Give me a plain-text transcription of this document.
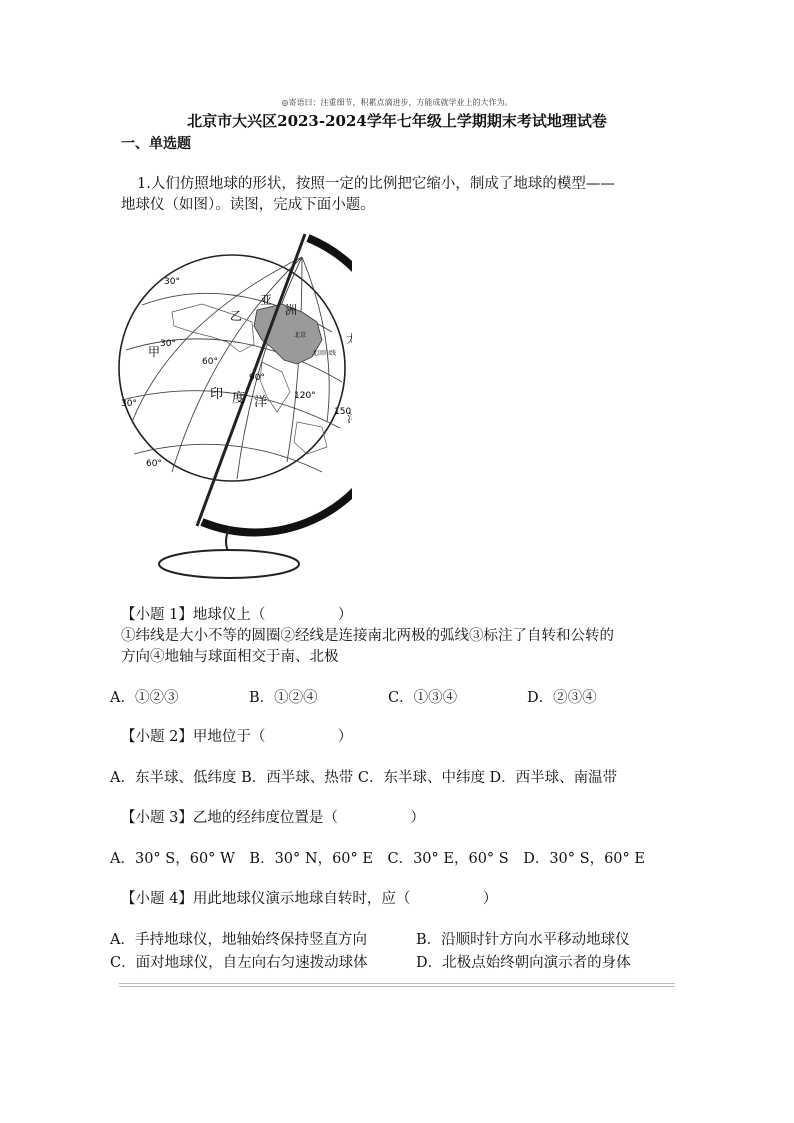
◎寄语曰：注重细节，积累点滴进步，方能成就学业上的大作为。
北京市大兴区2023-2024学年七年级上学期期末考试地理试卷
一、单选题
1.人们仿照地球的形状，按照一定的比例把它缩小，制成了地球的模型——
地球仪（如图）。读图，完成下面小题。
30°
30°
30°
60°
60°
90°
120°
150
甲
乙
亚
洲
太
印 度 洋
北京
北回归线
【小题 1】地球仪上（　　　　　）
①纬线是大小不等的圆圈②经线是连接南北两极的弧线③标注了自转和公转的
方向④地轴与球面相交于南、北极
A．①②③	B．①②④	C．①③④	D．②③④
【小题 2】甲地位于（　　　　　）
A．东半球、低纬度 B．西半球、热带 C．东半球、中纬度 D．西半球、南温带
【小题 3】乙地的经纬度位置是（　　　　　）
A．30° S，60° W　B．30° N，60° E　C．30° E，60° S　D．30° S，60° E
【小题 4】用此地球仪演示地球自转时，应（　　　　　）
A．手持地球仪，地轴始终保持竖直方向	B．沿顺时针方向水平移动地球仪
C．面对地球仪，自左向右匀速拨动球体	D．北极点始终朝向演示者的身体
